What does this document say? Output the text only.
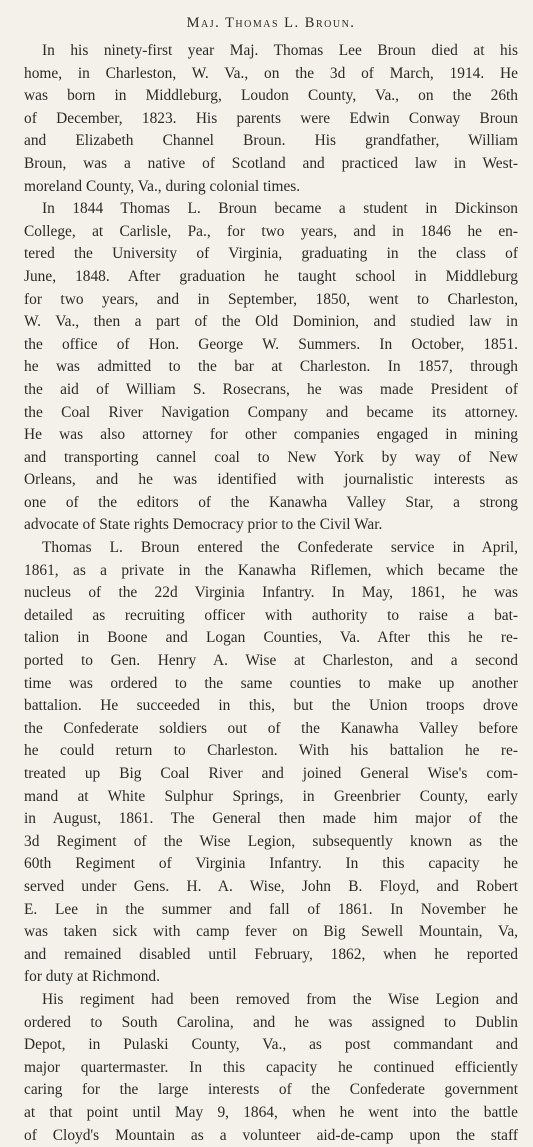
Maj. Thomas L. Broun.
In his ninety-first year Maj. Thomas Lee Broun died at his
home, in Charleston, W. Va., on the 3d of March, 1914. He
was born in Middleburg, Loudon County, Va., on the 26th
of December, 1823. His parents were Edwin Conway Broun
and Elizabeth Channel Broun. His grandfather, William
Broun, was a native of Scotland and practiced law in West-
moreland County, Va., during colonial times.
In 1844 Thomas L. Broun became a student in Dickinson
College, at Carlisle, Pa., for two years, and in 1846 he en-
tered the University of Virginia, graduating in the class of
June, 1848. After graduation he taught school in Middleburg
for two years, and in September, 1850, went to Charleston,
W. Va., then a part of the Old Dominion, and studied law in
the office of Hon. George W. Summers. In October, 1851.
he was admitted to the bar at Charleston. In 1857, through
the aid of William S. Rosecrans, he was made President of
the Coal River Navigation Company and became its attorney.
He was also attorney for other companies engaged in mining
and transporting cannel coal to New York by way of New
Orleans, and he was identified with journalistic interests as
one of the editors of the Kanawha Valley Star, a strong
advocate of State rights Democracy prior to the Civil War.
Thomas L. Broun entered the Confederate service in April,
1861, as a private in the Kanawha Riflemen, which became the
nucleus of the 22d Virginia Infantry. In May, 1861, he was
detailed as recruiting officer with authority to raise a bat-
talion in Boone and Logan Counties, Va. After this he re-
ported to Gen. Henry A. Wise at Charleston, and a second
time was ordered to the same counties to make up another
battalion. He succeeded in this, but the Union troops drove
the Confederate soldiers out of the Kanawha Valley before
he could return to Charleston. With his battalion he re-
treated up Big Coal River and joined General Wise's com-
mand at White Sulphur Springs, in Greenbrier County, early
in August, 1861. The General then made him major of the
3d Regiment of the Wise Legion, subsequently known as the
60th Regiment of Virginia Infantry. In this capacity he
served under Gens. H. A. Wise, John B. Floyd, and Robert
E. Lee in the summer and fall of 1861. In November he
was taken sick with camp fever on Big Sewell Mountain, Va,
and remained disabled until February, 1862, when he reported
for duty at Richmond.
His regiment had been removed from the Wise Legion and
ordered to South Carolina, and he was assigned to Dublin
Depot, in Pulaski County, Va., as post commandant and
major quartermaster. In this capacity he continued efficiently
caring for the large interests of the Confederate government
at that point until May 9, 1864, when he went into the battle
of Cloyd's Mountain as a volunteer aid-de-camp upon the staff
